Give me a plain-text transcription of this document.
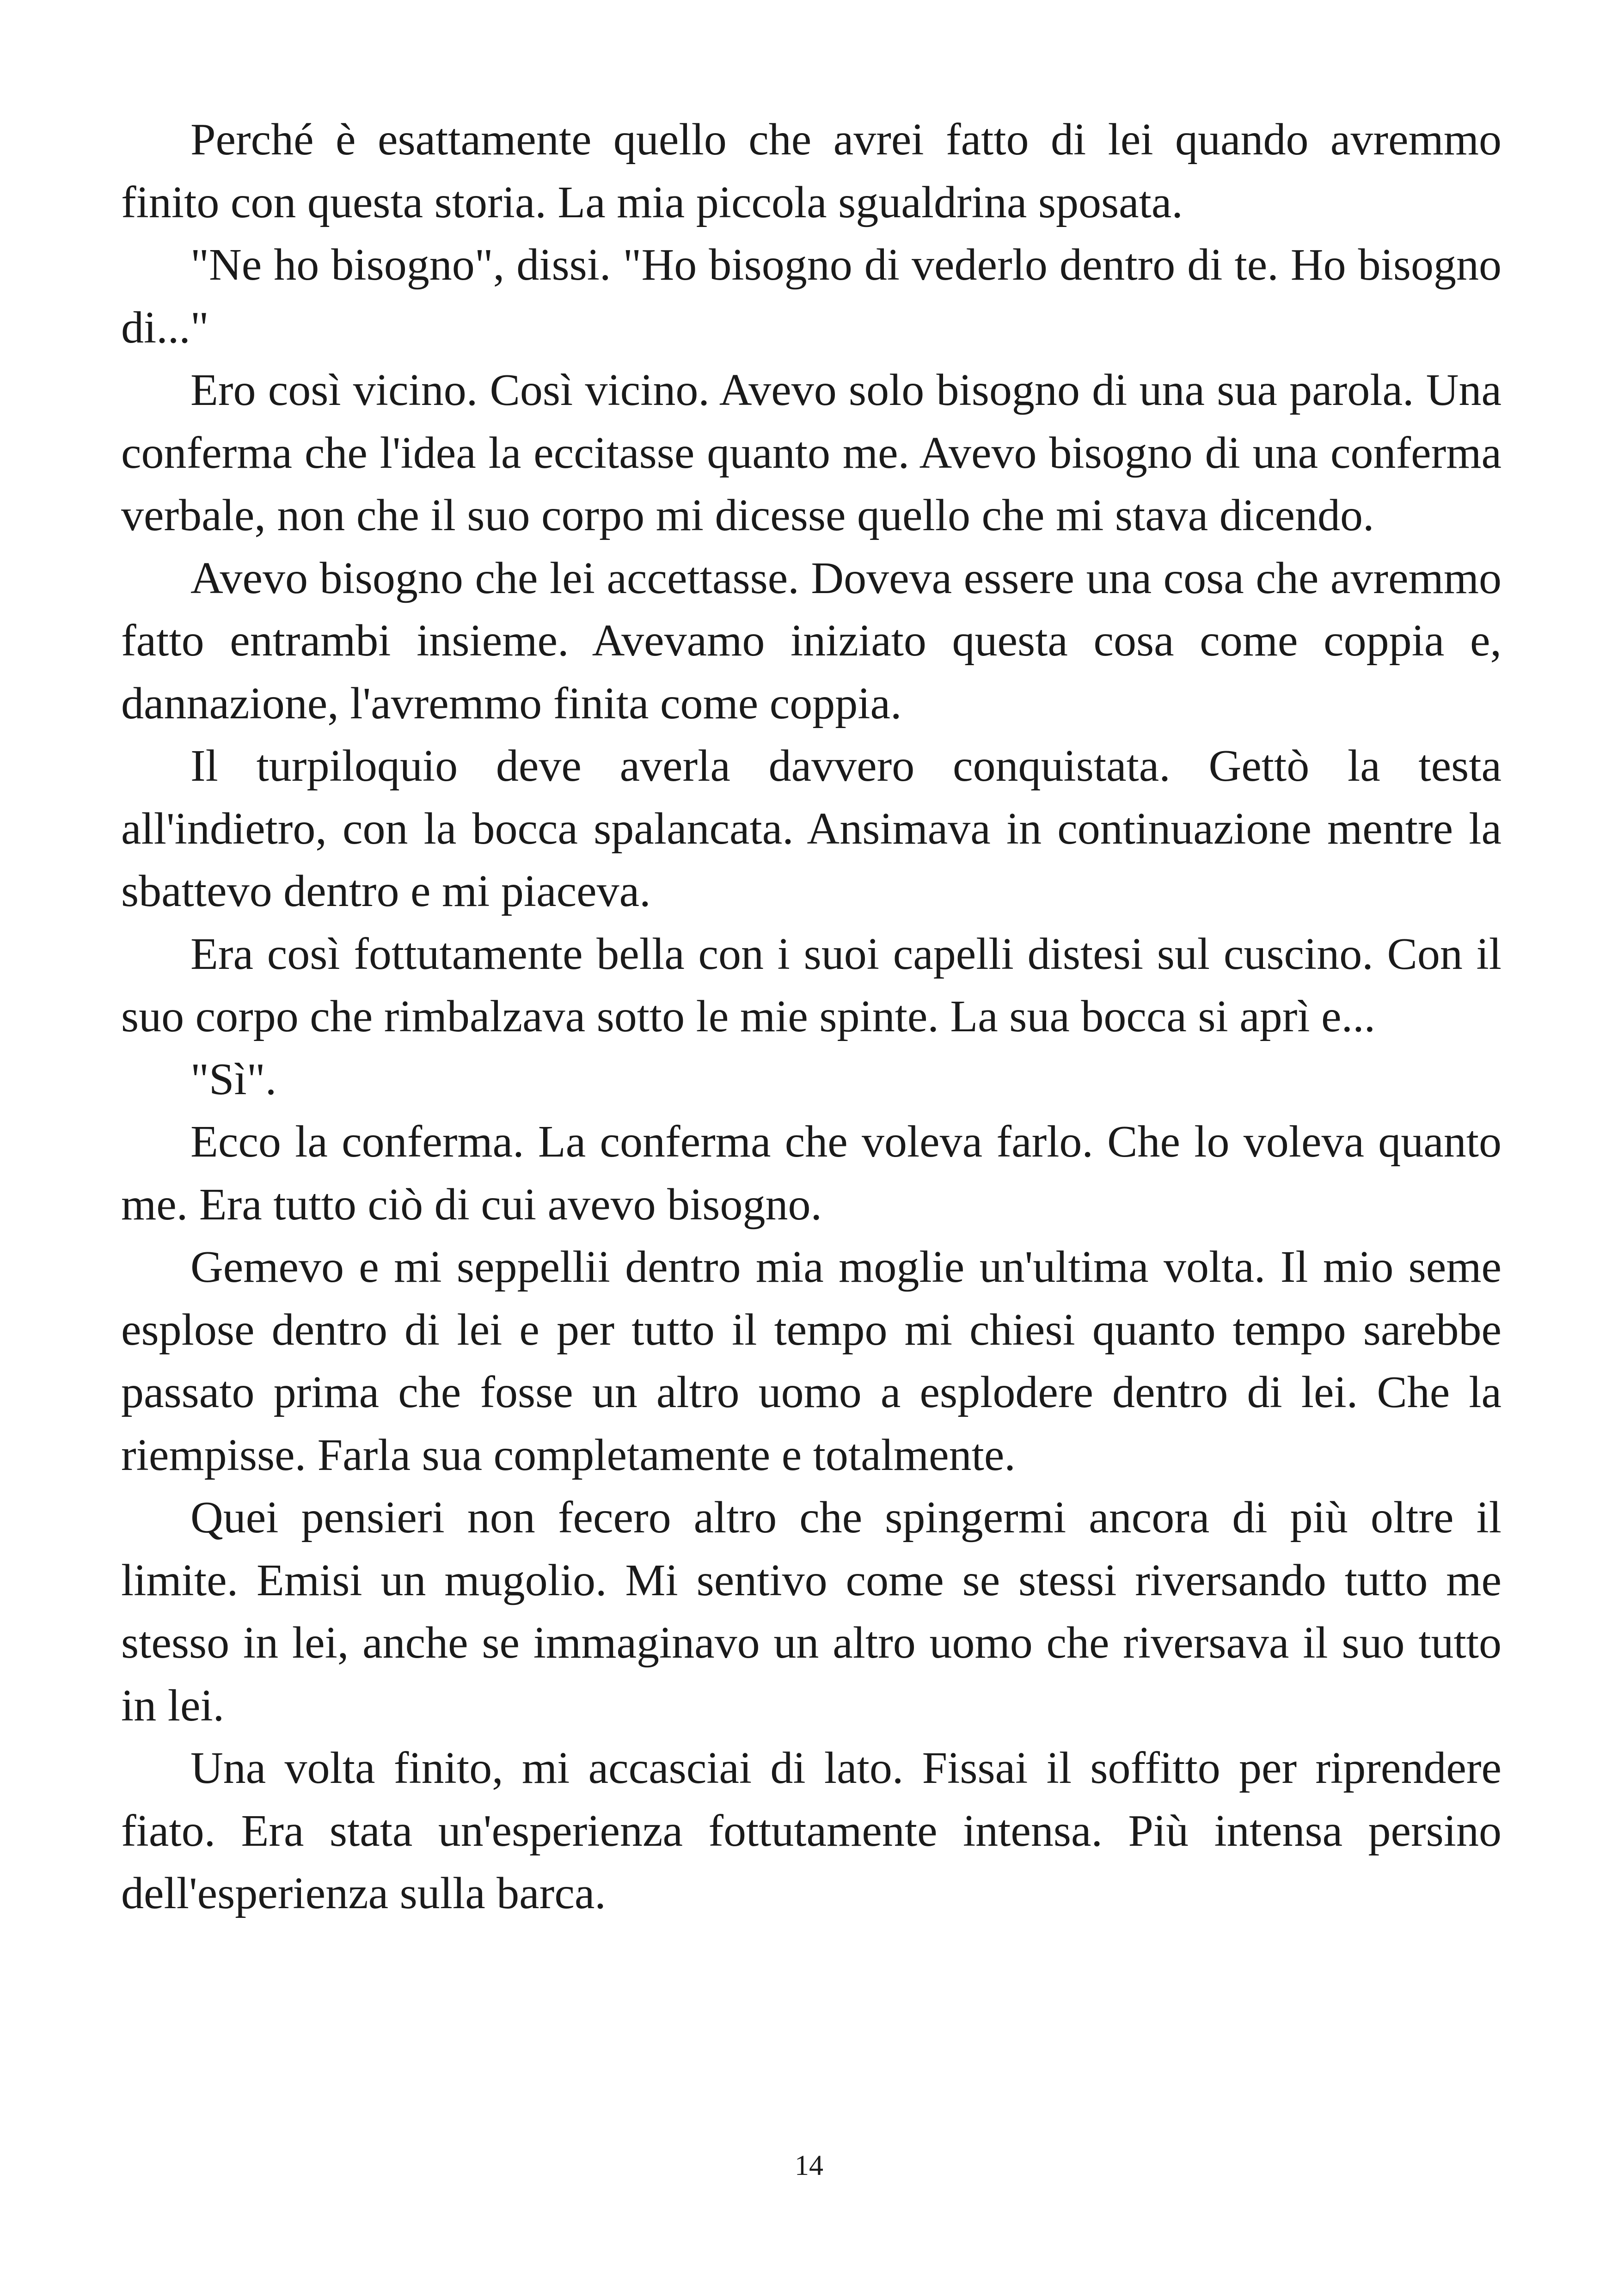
Perché è esattamente quello che avrei fatto di lei quando avremmo finito con questa storia. La mia piccola sgualdrina sposata.

"Ne ho bisogno", dissi. "Ho bisogno di vederlo dentro di te. Ho bisogno di..."

Ero così vicino. Così vicino. Avevo solo bisogno di una sua parola. Una conferma che l'idea la eccitasse quanto me. Avevo bisogno di una conferma verbale, non che il suo corpo mi dicesse quello che mi stava dicendo.

Avevo bisogno che lei accettasse. Doveva essere una cosa che avremmo fatto entrambi insieme. Avevamo iniziato questa cosa come coppia e, dannazione, l'avremmo finita come coppia.

Il turpiloquio deve averla davvero conquistata. Gettò la testa all'indietro, con la bocca spalancata. Ansimava in continuazione mentre la sbattevo dentro e mi piaceva.

Era così fottutamente bella con i suoi capelli distesi sul cuscino. Con il suo corpo che rimbalzava sotto le mie spinte. La sua bocca si aprì e...

"Sì".

Ecco la conferma. La conferma che voleva farlo. Che lo voleva quanto me. Era tutto ciò di cui avevo bisogno.

Gemevo e mi seppellii dentro mia moglie un'ultima volta. Il mio seme esplose dentro di lei e per tutto il tempo mi chiesi quanto tempo sarebbe passato prima che fosse un altro uomo a esplodere dentro di lei. Che la riempisse. Farla sua completamente e totalmente.

Quei pensieri non fecero altro che spingermi ancora di più oltre il limite. Emisi un mugolio. Mi sentivo come se stessi riversando tutto me stesso in lei, anche se immaginavo un altro uomo che riversava il suo tutto in lei.

Una volta finito, mi accasciai di lato. Fissai il soffitto per riprendere fiato. Era stata un'esperienza fottutamente intensa. Più intensa persino dell'esperienza sulla barca.

14
